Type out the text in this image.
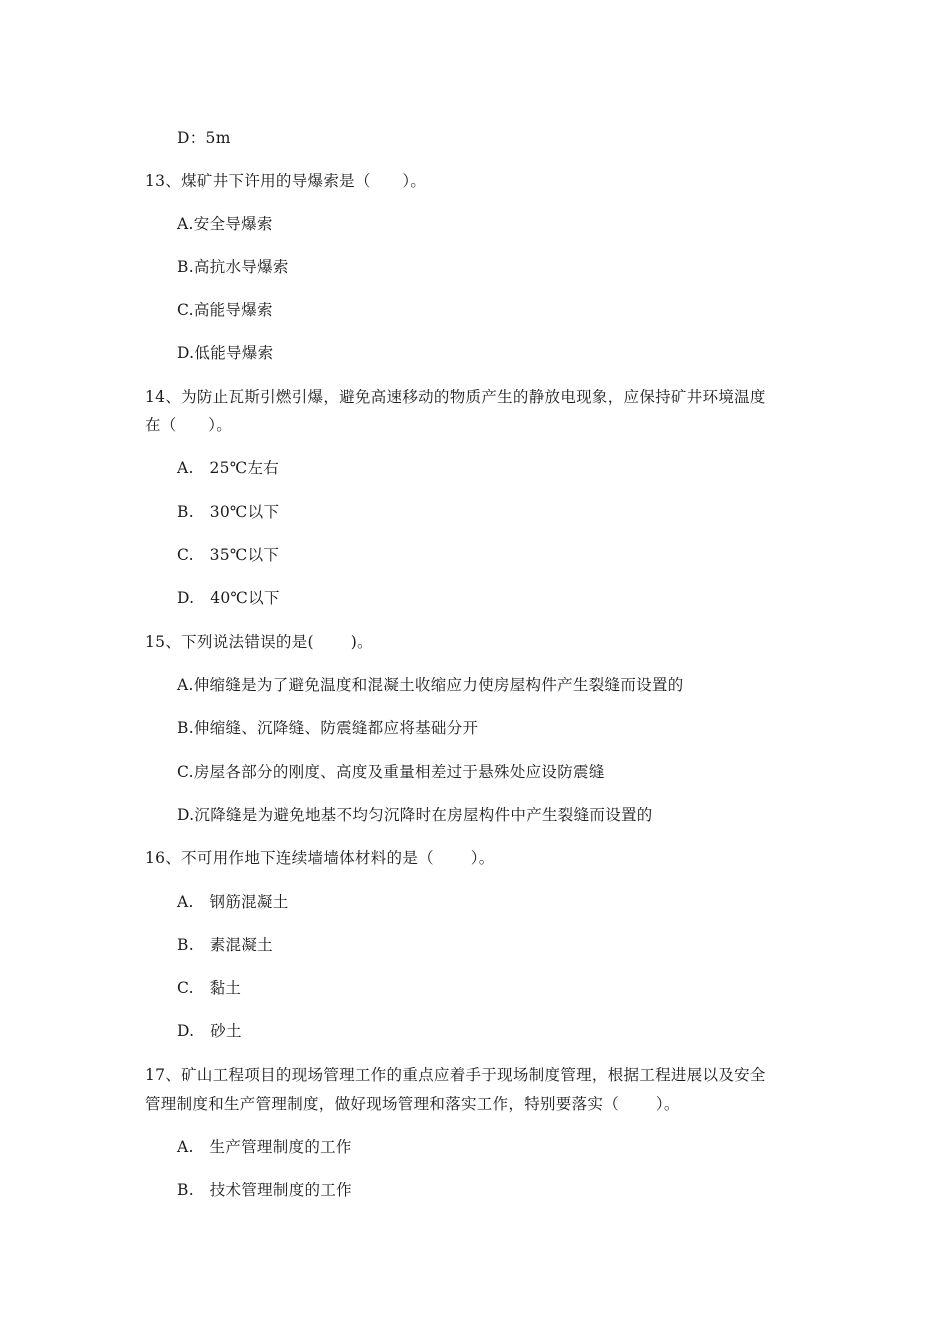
D：5m
13、煤矿井下许用的导爆索是（　　）。
A.安全导爆索
B.高抗水导爆索
C.高能导爆索
D.低能导爆索
14、为防止瓦斯引燃引爆，避免高速移动的物质产生的静放电现象，应保持矿井环境温度
在（　　）。
A.　25℃左右
B.　30℃以下
C.　35℃以下
D.　40℃以下
15、下列说法错误的是(　　 )。
A.伸缩缝是为了避免温度和混凝土收缩应力使房屋构件产生裂缝而设置的
B.伸缩缝、沉降缝、防震缝都应将基础分开
C.房屋各部分的刚度、高度及重量相差过于悬殊处应设防震缝
D.沉降缝是为避免地基不均匀沉降时在房屋构件中产生裂缝而设置的
16、不可用作地下连续墙墙体材料的是（　　 ）。
A.　钢筋混凝土
B.　素混凝土
C.　黏土
D.　砂土
17、矿山工程项目的现场管理工作的重点应着手于现场制度管理，根据工程进展以及安全
管理制度和生产管理制度，做好现场管理和落实工作，特别要落实（　　 ）。
A.　生产管理制度的工作
B.　技术管理制度的工作
